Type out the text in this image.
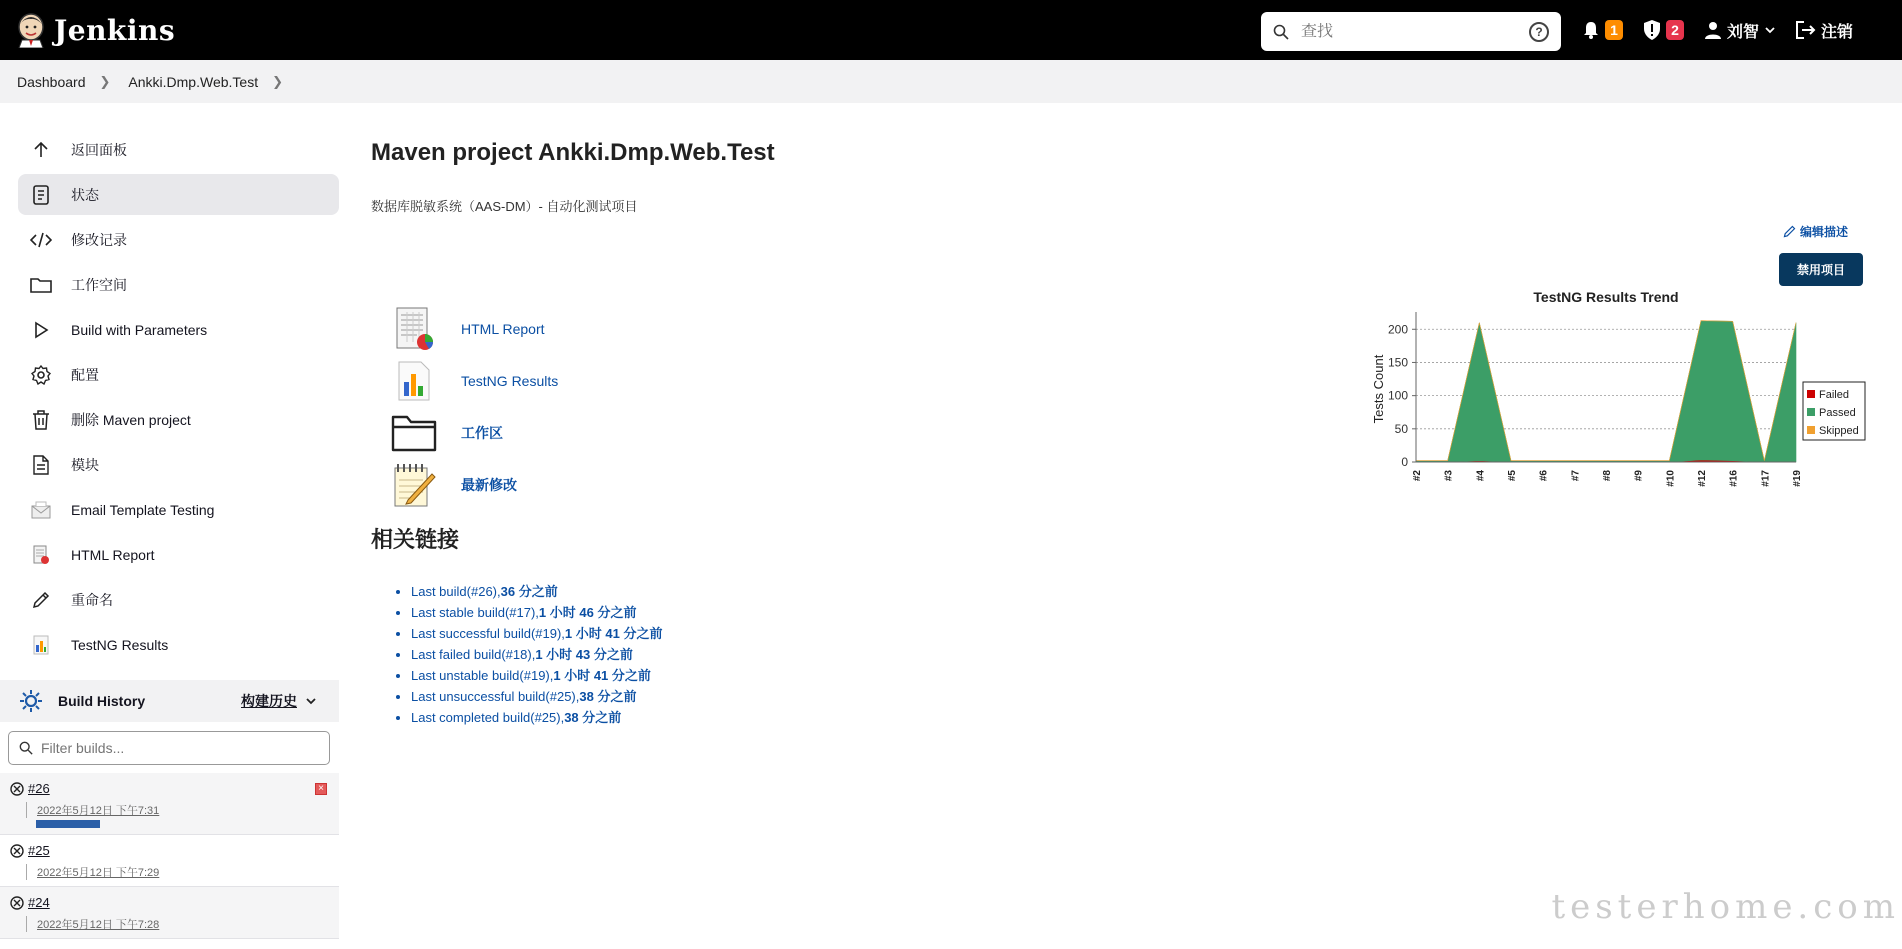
Jenkins
查找	?	1	2	刘智	注销
Dashboard ❯ Ankki.Dmp.Web.Test ❯
返回面板
状态
修改记录
工作空间
Build with Parameters
配置
删除 Maven project
模块
Email Template Testing
HTML Report
重命名
TestNG Results
Build History	构建历史
Filter builds...
#26	×
2022年5月12日 下午7:31
#25
2022年5月12日 下午7:29
#24
2022年5月12日 下午7:28
Maven project Ankki.Dmp.Web.Test
数据库脱敏系统（AAS-DM）- 自动化测试项目
编辑描述
禁用项目
HTML Report
TestNG Results
工作区
最新修改
相关链接
• Last build(#26),36 分之前
• Last stable build(#17),1 小时 46 分之前
• Last successful build(#19),1 小时 41 分之前
• Last failed build(#18),1 小时 43 分之前
• Last unstable build(#19),1 小时 41 分之前
• Last unsuccessful build(#25),38 分之前
• Last completed build(#25),38 分之前
TestNG Results Trend
0
50
100
150
200
#2 #3 #4 #5 #6 #7 #8 #9 #10 #12 #16 #17 #19
Tests Count	Failed
Passed
Skipped
testerhome.com
